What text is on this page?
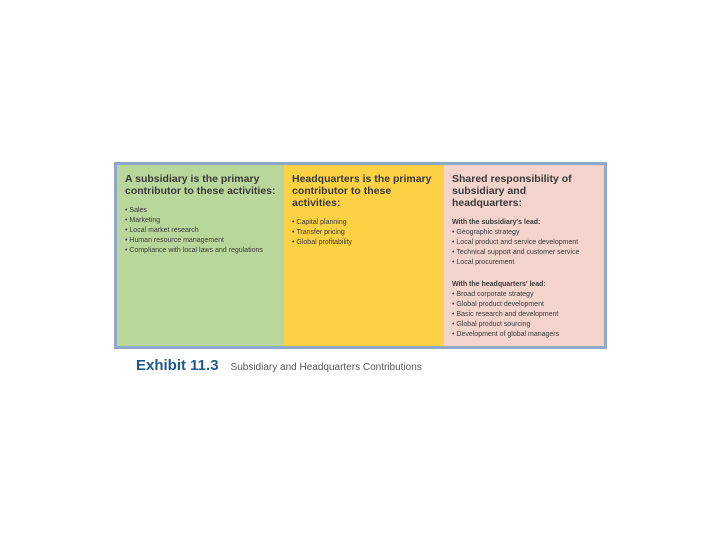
A subsidiary is the primary
contributor to these activities:

• Sales
• Marketing
• Local market research
• Human resource management
• Compliance with local laws and regulations

Headquarters is the primary
contributor to these activities:

• Capital planning
• Transfer pricing
• Global profitability

Shared responsibility of
subsidiary and headquarters:

With the subsidiary's lead:

• Geographic strategy
• Local product and service development
• Technical support and customer service
• Local procurement

With the headquarters' lead:

• Broad corporate strategy
• Global product development
• Basic research and development
• Global product sourcing
• Development of global managers
Exhibit 11.3 Subsidiary and Headquarters Contributions
